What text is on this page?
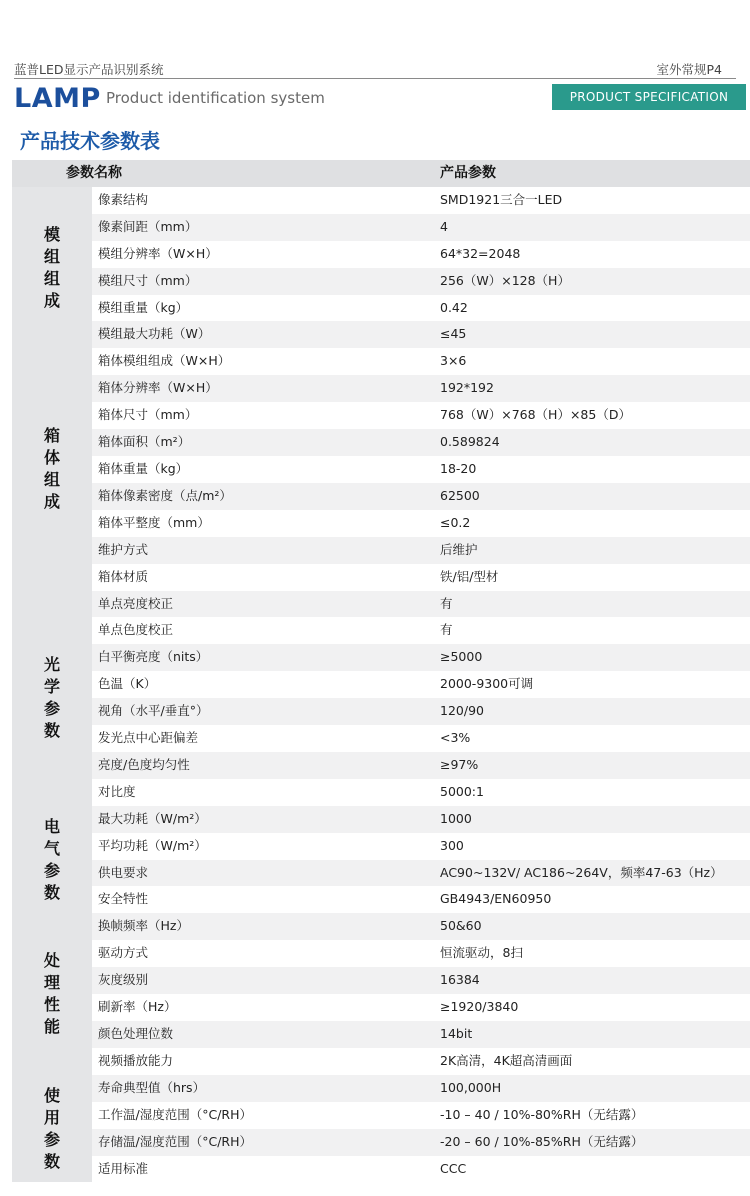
蓝普LED显示产品识别系统	室外常规P4
LAMP Product identification system	PRODUCT SPECIFICATION
产品技术参数表
参数名称		产品参数
模组组成	像素结构	SMD1921三合一LED
	像素间距（mm）	4
	模组分辨率（W×H）	64*32=2048
	模组尺寸（mm）	256（W）×128（H）
	模组重量（kg）	0.42
	模组最大功耗（W）	≤45
箱体组成	箱体模组组成（W×H）	3×6
	箱体分辨率（W×H）	192*192
	箱体尺寸（mm）	768（W）×768（H）×85（D）
	箱体面积（m²）	0.589824
	箱体重量（kg）	18-20
	箱体像素密度（点/m²）	62500
	箱体平整度（mm）	≤0.2
	维护方式	后维护
	箱体材质	铁/铝/型材
光学参数	单点亮度校正	有
	单点色度校正	有
	白平衡亮度（nits）	≥5000
	色温（K）	2000-9300可调
	视角（水平/垂直°）	120/90
	发光点中心距偏差	<3%
	亮度/色度均匀性	≥97%
	对比度	5000:1
电气参数	最大功耗（W/m²）	1000
	平均功耗（W/m²）	300
	供电要求	AC90~132V/ AC186~264V，频率47-63（Hz）
	安全特性	GB4943/EN60950
处理性能	换帧频率（Hz）	50&60
	驱动方式	恒流驱动，8扫
	灰度级别	16384
	刷新率（Hz）	≥1920/3840
	颜色处理位数	14bit
	视频播放能力	2K高清，4K超高清画面
使用参数	寿命典型值（hrs）	100,000H
	工作温/湿度范围（°C/RH）	-10 – 40 / 10%-80%RH（无结露）
	存储温/湿度范围（°C/RH）	-20 – 60 / 10%-85%RH（无结露）
	适用标准	CCC
